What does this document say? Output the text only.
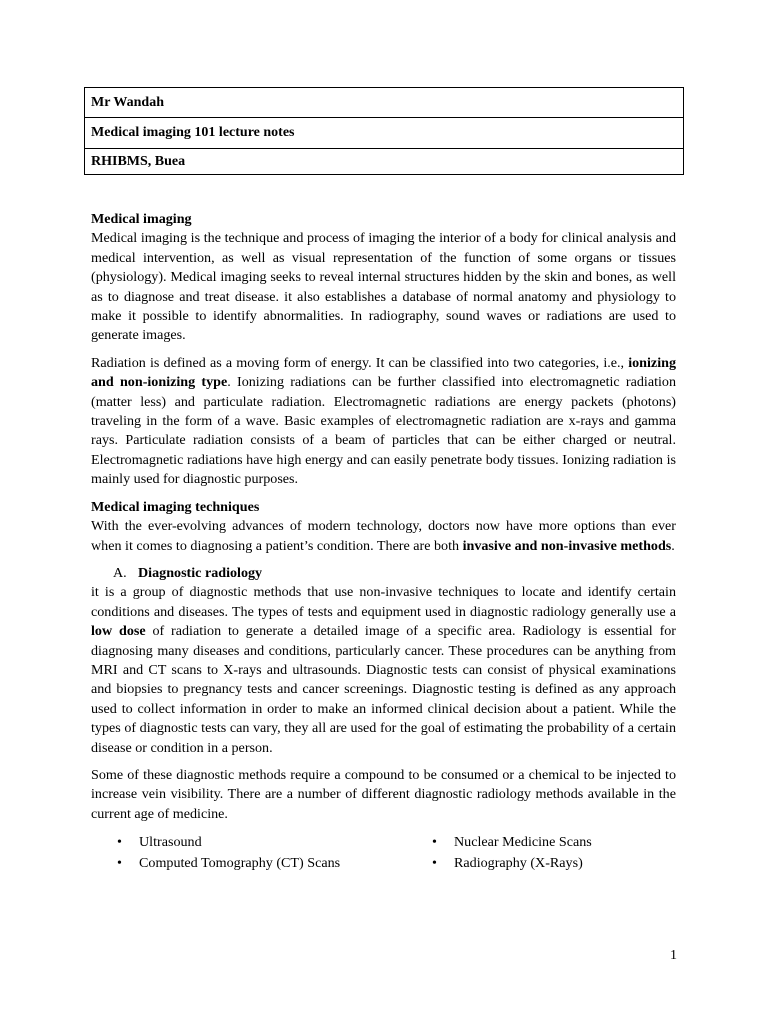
Mr Wandah
Medical imaging 101 lecture notes
RHIBMS, Buea

Medical imaging

Medical imaging is the technique and process of imaging the interior of a body for clinical analysis and medical intervention, as well as visual representation of the function of some organs or tissues (physiology). Medical imaging seeks to reveal internal structures hidden by the skin and bones, as well as to diagnose and treat disease. it also establishes a database of normal anatomy and physiology to make it possible to identify abnormalities. In radiography, sound waves or radiations are used to generate images.

Radiation is defined as a moving form of energy. It can be classified into two categories, i.e., ionizing and non-ionizing type. Ionizing radiations can be further classified into electromagnetic radiation (matter less) and particulate radiation. Electromagnetic radiations are energy packets (photons) traveling in the form of a wave. Basic examples of electromagnetic radiation are x-rays and gamma rays. Particulate radiation consists of a beam of particles that can be either charged or neutral. Electromagnetic radiations have high energy and can easily penetrate body tissues. Ionizing radiation is mainly used for diagnostic purposes.

Medical imaging techniques

With the ever-evolving advances of modern technology, doctors now have more options than ever when it comes to diagnosing a patient’s condition. There are both invasive and non-invasive methods.

A. Diagnostic radiology

it is a group of diagnostic methods that use non-invasive techniques to locate and identify certain conditions and diseases. The types of tests and equipment used in diagnostic radiology generally use a low dose of radiation to generate a detailed image of a specific area. Radiology is essential for diagnosing many diseases and conditions, particularly cancer. These procedures can be anything from MRI and CT scans to X-rays and ultrasounds. Diagnostic tests can consist of physical examinations and biopsies to pregnancy tests and cancer screenings. Diagnostic testing is defined as any approach used to collect information in order to make an informed clinical decision about a patient. While the types of diagnostic tests can vary, they all are used for the goal of estimating the probability of a certain disease or condition in a person.

Some of these diagnostic methods require a compound to be consumed or a chemical to be injected to increase vein visibility. There are a number of different diagnostic radiology methods available in the current age of medicine.

• Ultrasound
• Computed Tomography (CT) Scans
• Nuclear Medicine Scans
• Radiography (X-Rays)
1
